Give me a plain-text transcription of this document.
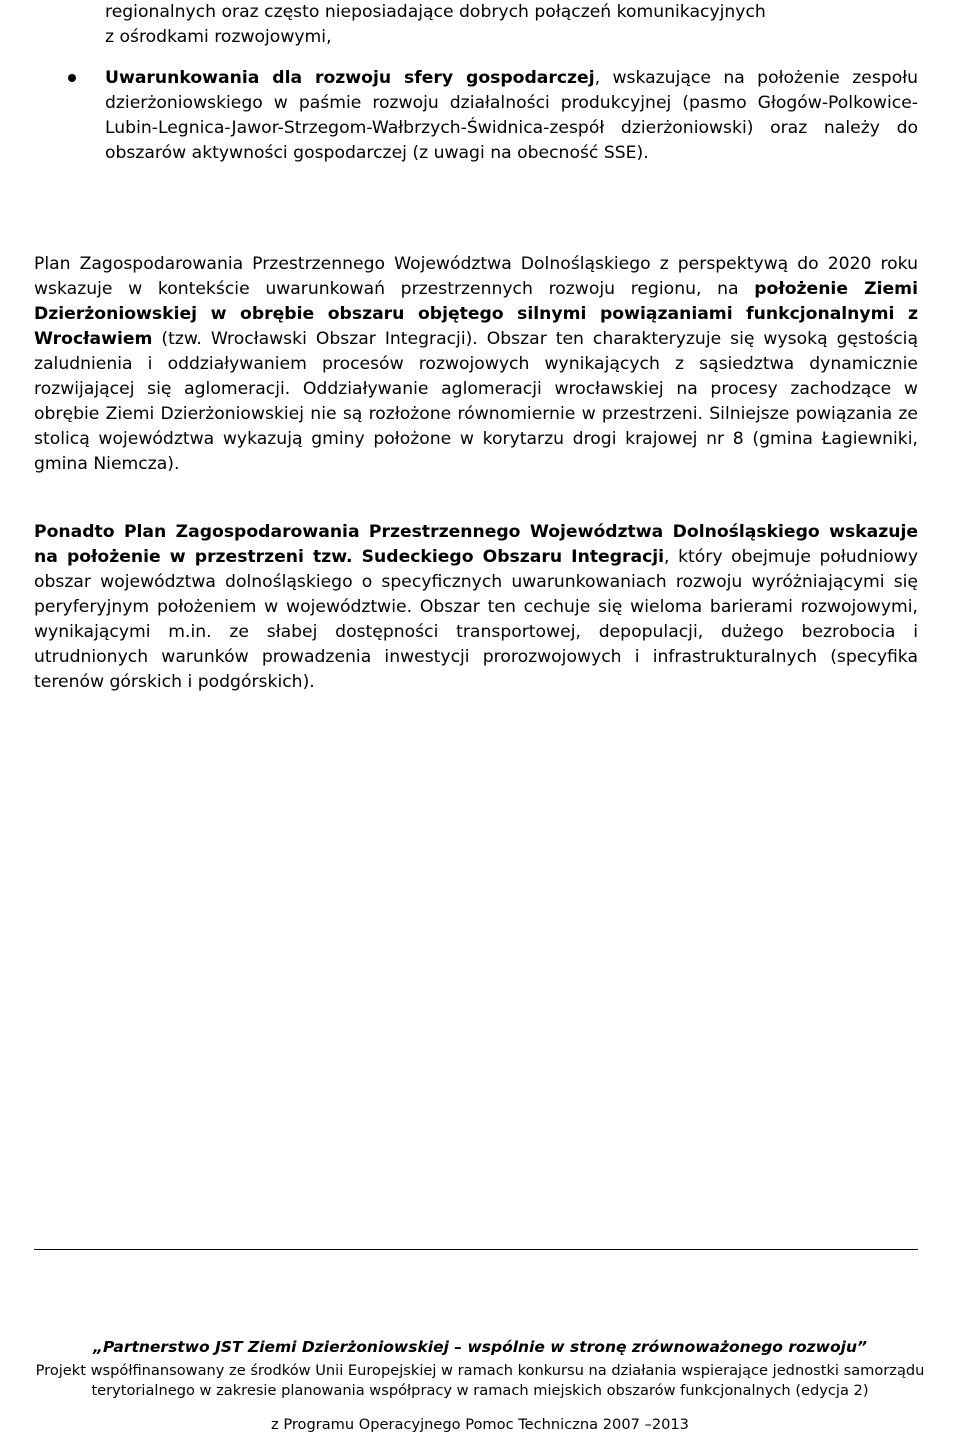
regionalnych oraz często nieposiadające dobrych połączeń komunikacyjnych
z ośrodkami rozwojowymi,

Uwarunkowania dla rozwoju sfery gospodarczej, wskazujące na położenie zespołu dzierżoniowskiego w paśmie rozwoju działalności produkcyjnej (pasmo Głogów-Polkowice-Lubin-Legnica-Jawor-Strzegom-Wałbrzych-Świdnica-zespół dzierżoniowski) oraz należy do obszarów aktywności gospodarczej (z uwagi na obecność SSE).

Plan Zagospodarowania Przestrzennego Województwa Dolnośląskiego z perspektywą do 2020 roku wskazuje w kontekście uwarunkowań przestrzennych rozwoju regionu, na położenie Ziemi Dzierżoniowskiej w obrębie obszaru objętego silnymi powiązaniami funkcjonalnymi z Wrocławiem (tzw. Wrocławski Obszar Integracji). Obszar ten charakteryzuje się wysoką gęstością zaludnienia i oddziaływaniem procesów rozwojowych wynikających z sąsiedztwa dynamicznie rozwijającej się aglomeracji. Oddziaływanie aglomeracji wrocławskiej na procesy zachodzące w obrębie Ziemi Dzierżoniowskiej nie są rozłożone równomiernie w przestrzeni. Silniejsze powiązania ze stolicą województwa wykazują gminy położone w korytarzu drogi krajowej nr 8 (gmina Łagiewniki, gmina Niemcza).

Ponadto Plan Zagospodarowania Przestrzennego Województwa Dolnośląskiego wskazuje na położenie w przestrzeni tzw. Sudeckiego Obszaru Integracji, który obejmuje południowy obszar województwa dolnośląskiego o specyficznych uwarunkowaniach rozwoju wyróżniającymi się peryferyjnym położeniem w województwie. Obszar ten cechuje się wieloma barierami rozwojowymi, wynikającymi m.in. ze słabej dostępności transportowej, depopulacji, dużego bezrobocia i utrudnionych warunków prowadzenia inwestycji prorozwojowych i infrastrukturalnych (specyfika terenów górskich i podgórskich).

„Partnerstwo JST Ziemi Dzierżoniowskiej – wspólnie w stronę zrównoważonego rozwoju”

Projekt współfinansowany ze środków Unii Europejskiej w ramach konkursu na działania wspierające jednostki samorządu

terytorialnego w zakresie planowania współpracy w ramach miejskich obszarów funkcjonalnych (edycja 2)

z Programu Operacyjnego Pomoc Techniczna 2007 –2013
